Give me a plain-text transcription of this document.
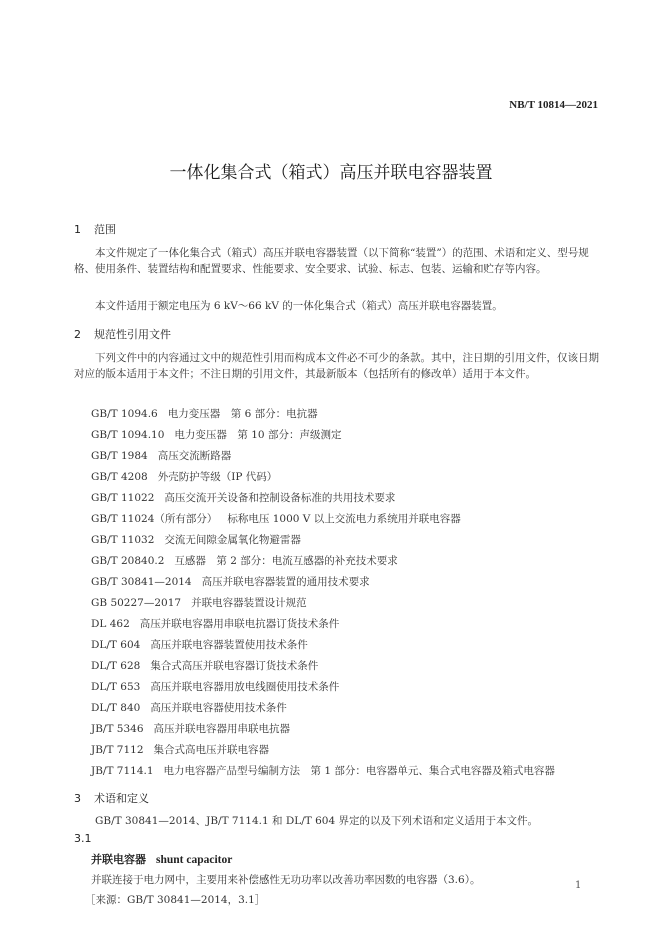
NB/T 10814—2021
一体化集合式（箱式）高压并联电容器装置
1 范围
本文件规定了一体化集合式（箱式）高压并联电容器装置（以下简称“装置”）的范围、术语和定义、型号规格、使用条件、装置结构和配置要求、性能要求、安全要求、试验、标志、包装、运输和贮存等内容。
本文件适用于额定电压为 6 kV～66 kV 的一体化集合式（箱式）高压并联电容器装置。
2 规范性引用文件
下列文件中的内容通过文中的规范性引用而构成本文件必不可少的条款。其中，注日期的引用文件，仅该日期对应的版本适用于本文件；不注日期的引用文件，其最新版本（包括所有的修改单）适用于本文件。
GB/T 1094.6 电力变压器　第 6 部分：电抗器
GB/T 1094.10 电力变压器　第 10 部分：声级测定
GB/T 1984 高压交流断路器
GB/T 4208 外壳防护等级（IP 代码）
GB/T 11022 高压交流开关设备和控制设备标准的共用技术要求
GB/T 11024（所有部分） 标称电压 1000 V 以上交流电力系统用并联电容器
GB/T 11032 交流无间隙金属氧化物避雷器
GB/T 20840.2 互感器　第 2 部分：电流互感器的补充技术要求
GB/T 30841—2014 高压并联电容器装置的通用技术要求
GB 50227—2017 并联电容器装置设计规范
DL 462 高压并联电容器用串联电抗器订货技术条件
DL/T 604 高压并联电容器装置使用技术条件
DL/T 628 集合式高压并联电容器订货技术条件
DL/T 653 高压并联电容器用放电线圈使用技术条件
DL/T 840 高压并联电容器使用技术条件
JB/T 5346 高压并联电容器用串联电抗器
JB/T 7112 集合式高电压并联电容器
JB/T 7114.1 电力电容器产品型号编制方法　第 1 部分：电容器单元、集合式电容器及箱式电容器
3 术语和定义
GB/T 30841—2014、JB/T 7114.1 和 DL/T 604 界定的以及下列术语和定义适用于本文件。
3.1
并联电容器 shunt capacitor
并联连接于电力网中，主要用来补偿感性无功功率以改善功率因数的电容器（3.6）。
［来源：GB/T 30841—2014，3.1］
1
